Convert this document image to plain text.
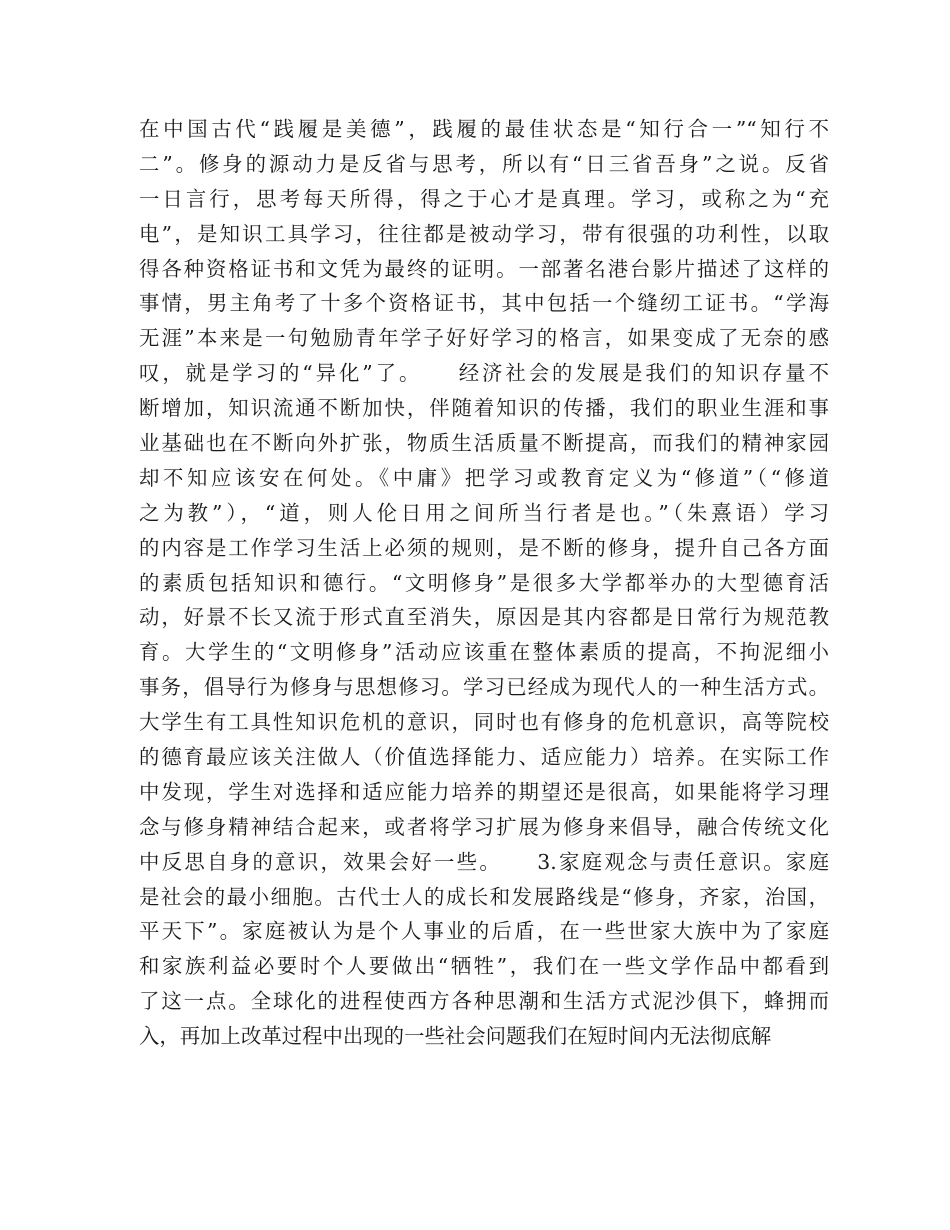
在中国古代“践履是美德”，践履的最佳状态是“知行合一”“知行不
二”。修身的源动力是反省与思考，所以有“日三省吾身”之说。反省
一日言行，思考每天所得，得之于心才是真理。学习，或称之为“充
电”，是知识工具学习，往往都是被动学习，带有很强的功利性，以取
得各种资格证书和文凭为最终的证明。一部著名港台影片描述了这样的
事情，男主角考了十多个资格证书，其中包括一个缝纫工证书。“学海
无涯”本来是一句勉励青年学子好好学习的格言，如果变成了无奈的感
叹，就是学习的“异化”了。　　经济社会的发展是我们的知识存量不
断增加，知识流通不断加快，伴随着知识的传播，我们的职业生涯和事
业基础也在不断向外扩张，物质生活质量不断提高，而我们的精神家园
却不知应该安在何处。《中庸》把学习或教育定义为“修道”（“修道
之为教”），“道，则人伦日用之间所当行者是也。”（朱熹语）学习
的内容是工作学习生活上必须的规则，是不断的修身，提升自己各方面
的素质包括知识和德行。“文明修身”是很多大学都举办的大型德育活
动，好景不长又流于形式直至消失，原因是其内容都是日常行为规范教
育。大学生的“文明修身”活动应该重在整体素质的提高，不拘泥细小
事务，倡导行为修身与思想修习。学习已经成为现代人的一种生活方式。
大学生有工具性知识危机的意识，同时也有修身的危机意识，高等院校
的德育最应该关注做人（价值选择能力、适应能力）培养。在实际工作
中发现，学生对选择和适应能力培养的期望还是很高，如果能将学习理
念与修身精神结合起来，或者将学习扩展为修身来倡导，融合传统文化
中反思自身的意识，效果会好一些。　　3.家庭观念与责任意识。家庭
是社会的最小细胞。古代士人的成长和发展路线是“修身，齐家，治国，
平天下”。家庭被认为是个人事业的后盾，在一些世家大族中为了家庭
和家族利益必要时个人要做出“牺牲”，我们在一些文学作品中都看到
了这一点。全球化的进程使西方各种思潮和生活方式泥沙俱下，蜂拥而
入，再加上改革过程中出现的一些社会问题我们在短时间内无法彻底解
